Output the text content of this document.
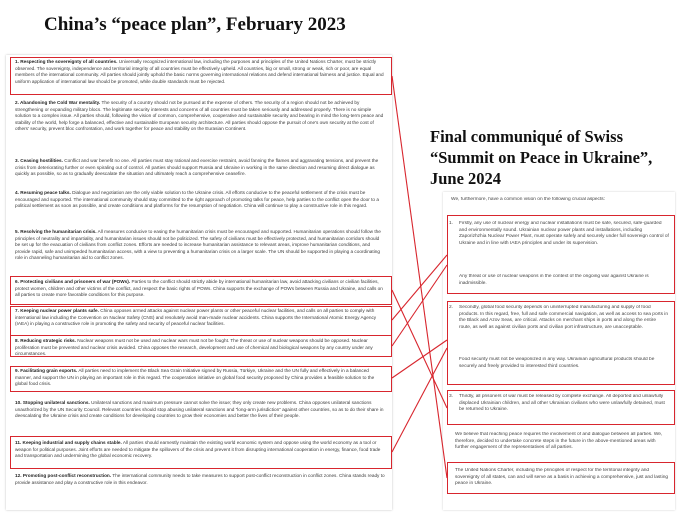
China’s “peace plan”, February 2023
Final communiqué of Swiss “Summit on Peace in Ukraine”, June 2024
1. Respecting the sovereignty of all countries. Universally recognized international law, including the purposes and principles of the United Nations Charter, must be strictly observed. The sovereignty, independence and territorial integrity of all countries must be effectively upheld. All countries, big or small, strong or weak, rich or poor, are equal members of the international community. All parties should jointly uphold the basic norms governing international relations and defend international fairness and justice. Equal and uniform application of international law should be promoted, while double standards must be rejected.
2. Abandoning the Cold War mentality. The security of a country should not be pursued at the expense of others. The security of a region should not be achieved by strengthening or expanding military blocs. The legitimate security interests and concerns of all countries must be taken seriously and addressed properly. There is no simple solution to a complex issue. All parties should, following the vision of common, comprehensive, cooperative and sustainable security and bearing in mind the long-term peace and stability of the world, help forge a balanced, effective and sustainable European security architecture. All parties should oppose the pursuit of one's own security at the cost of others' security, prevent bloc confrontation, and work together for peace and stability on the Eurasian Continent.
3. Ceasing hostilities. Conflict and war benefit no one. All parties must stay rational and exercise restraint, avoid fanning the flames and aggravating tensions, and prevent the crisis from deteriorating further or even spiraling out of control. All parties should support Russia and Ukraine in working in the same direction and resuming direct dialogue as quickly as possible, so as to gradually deescalate the situation and ultimately reach a comprehensive ceasefire.
4. Resuming peace talks. Dialogue and negotiation are the only viable solution to the Ukraine crisis. All efforts conducive to the peaceful settlement of the crisis must be encouraged and supported. The international community should stay committed to the right approach of promoting talks for peace, help parties to the conflict open the door to a political settlement as soon as possible, and create conditions and platforms for the resumption of negotiation. China will continue to play a constructive role in this regard.
5. Resolving the humanitarian crisis. All measures conducive to easing the humanitarian crisis must be encouraged and supported. Humanitarian operations should follow the principles of neutrality and impartiality, and humanitarian issues should not be politicized. The safety of civilians must be effectively protected, and humanitarian corridors should be set up for the evacuation of civilians from conflict zones. Efforts are needed to increase humanitarian assistance to relevant areas, improve humanitarian conditions, and provide rapid, safe and unimpeded humanitarian access, with a view to preventing a humanitarian crisis on a larger scale. The UN should be supported in playing a coordinating role in channeling humanitarian aid to conflict zones.
6. Protecting civilians and prisoners of war (POWs). Parties to the conflict should strictly abide by international humanitarian law, avoid attacking civilians or civilian facilities, protect women, children and other victims of the conflict, and respect the basic rights of POWs. China supports the exchange of POWs between Russia and Ukraine, and calls on all parties to create more favorable conditions for this purpose.
7. Keeping nuclear power plants safe. China opposes armed attacks against nuclear power plants or other peaceful nuclear facilities, and calls on all parties to comply with international law including the Convention on Nuclear Safety (CNS) and resolutely avoid man-made nuclear accidents. China supports the International Atomic Energy Agency (IAEA) in playing a constructive role in promoting the safety and security of peaceful nuclear facilities.
8. Reducing strategic risks. Nuclear weapons must not be used and nuclear wars must not be fought. The threat or use of nuclear weapons should be opposed. Nuclear proliferation must be prevented and nuclear crisis avoided. China opposes the research, development and use of chemical and biological weapons by any country under any circumstances.
9. Facilitating grain exports. All parties need to implement the Black Sea Grain Initiative signed by Russia, Türkiye, Ukraine and the UN fully and effectively in a balanced manner, and support the UN in playing an important role in this regard. The cooperation initiative on global food security proposed by China provides a feasible solution to the global food crisis.
10. Stopping unilateral sanctions. Unilateral sanctions and maximum pressure cannot solve the issue; they only create new problems. China opposes unilateral sanctions unauthorized by the UN Security Council. Relevant countries should stop abusing unilateral sanctions and “long-arm jurisdiction” against other countries, so as to do their share in deescalating the Ukraine crisis and create conditions for developing countries to grow their economies and better the lives of their people.
11. Keeping industrial and supply chains stable. All parties should earnestly maintain the existing world economic system and oppose using the world economy as a tool or weapon for political purposes. Joint efforts are needed to mitigate the spillovers of the crisis and prevent it from disrupting international cooperation in energy, finance, food trade and transportation and undermining the global economic recovery.
12. Promoting post-conflict reconstruction. The international community needs to take measures to support post-conflict reconstruction in conflict zones. China stands ready to provide assistance and play a constructive role in this endeavor.
We, furthermore, have a common vision on the following crucial aspects:
1. Firstly, any use of nuclear energy and nuclear installations must be safe, secured, safe-guarded and environmentally sound. Ukrainian nuclear power plants and installations, including Zaporizhzhia Nuclear Power Plant, must operate safely and securely under full sovereign control of Ukraine and in line with IAEA principles and under its supervision.
Any threat or use of nuclear weapons in the context of the ongoing war against Ukraine is inadmissible.
2. Secondly, global food security depends on uninterrupted manufacturing and supply of food products. In this regard, free, full and safe commercial navigation, as well as access to sea ports in the Black and Azov Seas, are critical. Attacks on merchant ships in ports and along the entire route, as well as against civilian ports and civilian port infrastructure, are unacceptable.
Food security must not be weaponized in any way. Ukrainian agricultural products should be securely and freely provided to interested third countries.
3. Thirdly, all prisoners of war must be released by complete exchange. All deported and unlawfully displaced Ukrainian children, and all other Ukrainian civilians who were unlawfully detained, must be returned to Ukraine.
We believe that reaching peace requires the involvement of and dialogue between all parties. We, therefore, decided to undertake concrete steps in the future in the above-mentioned areas with further engagement of the representatives of all parties.
The United Nations Charter, including the principles of respect for the territorial integrity and sovereignty of all states, can and will serve as a basis in achieving a comprehensive, just and lasting peace in Ukraine.
